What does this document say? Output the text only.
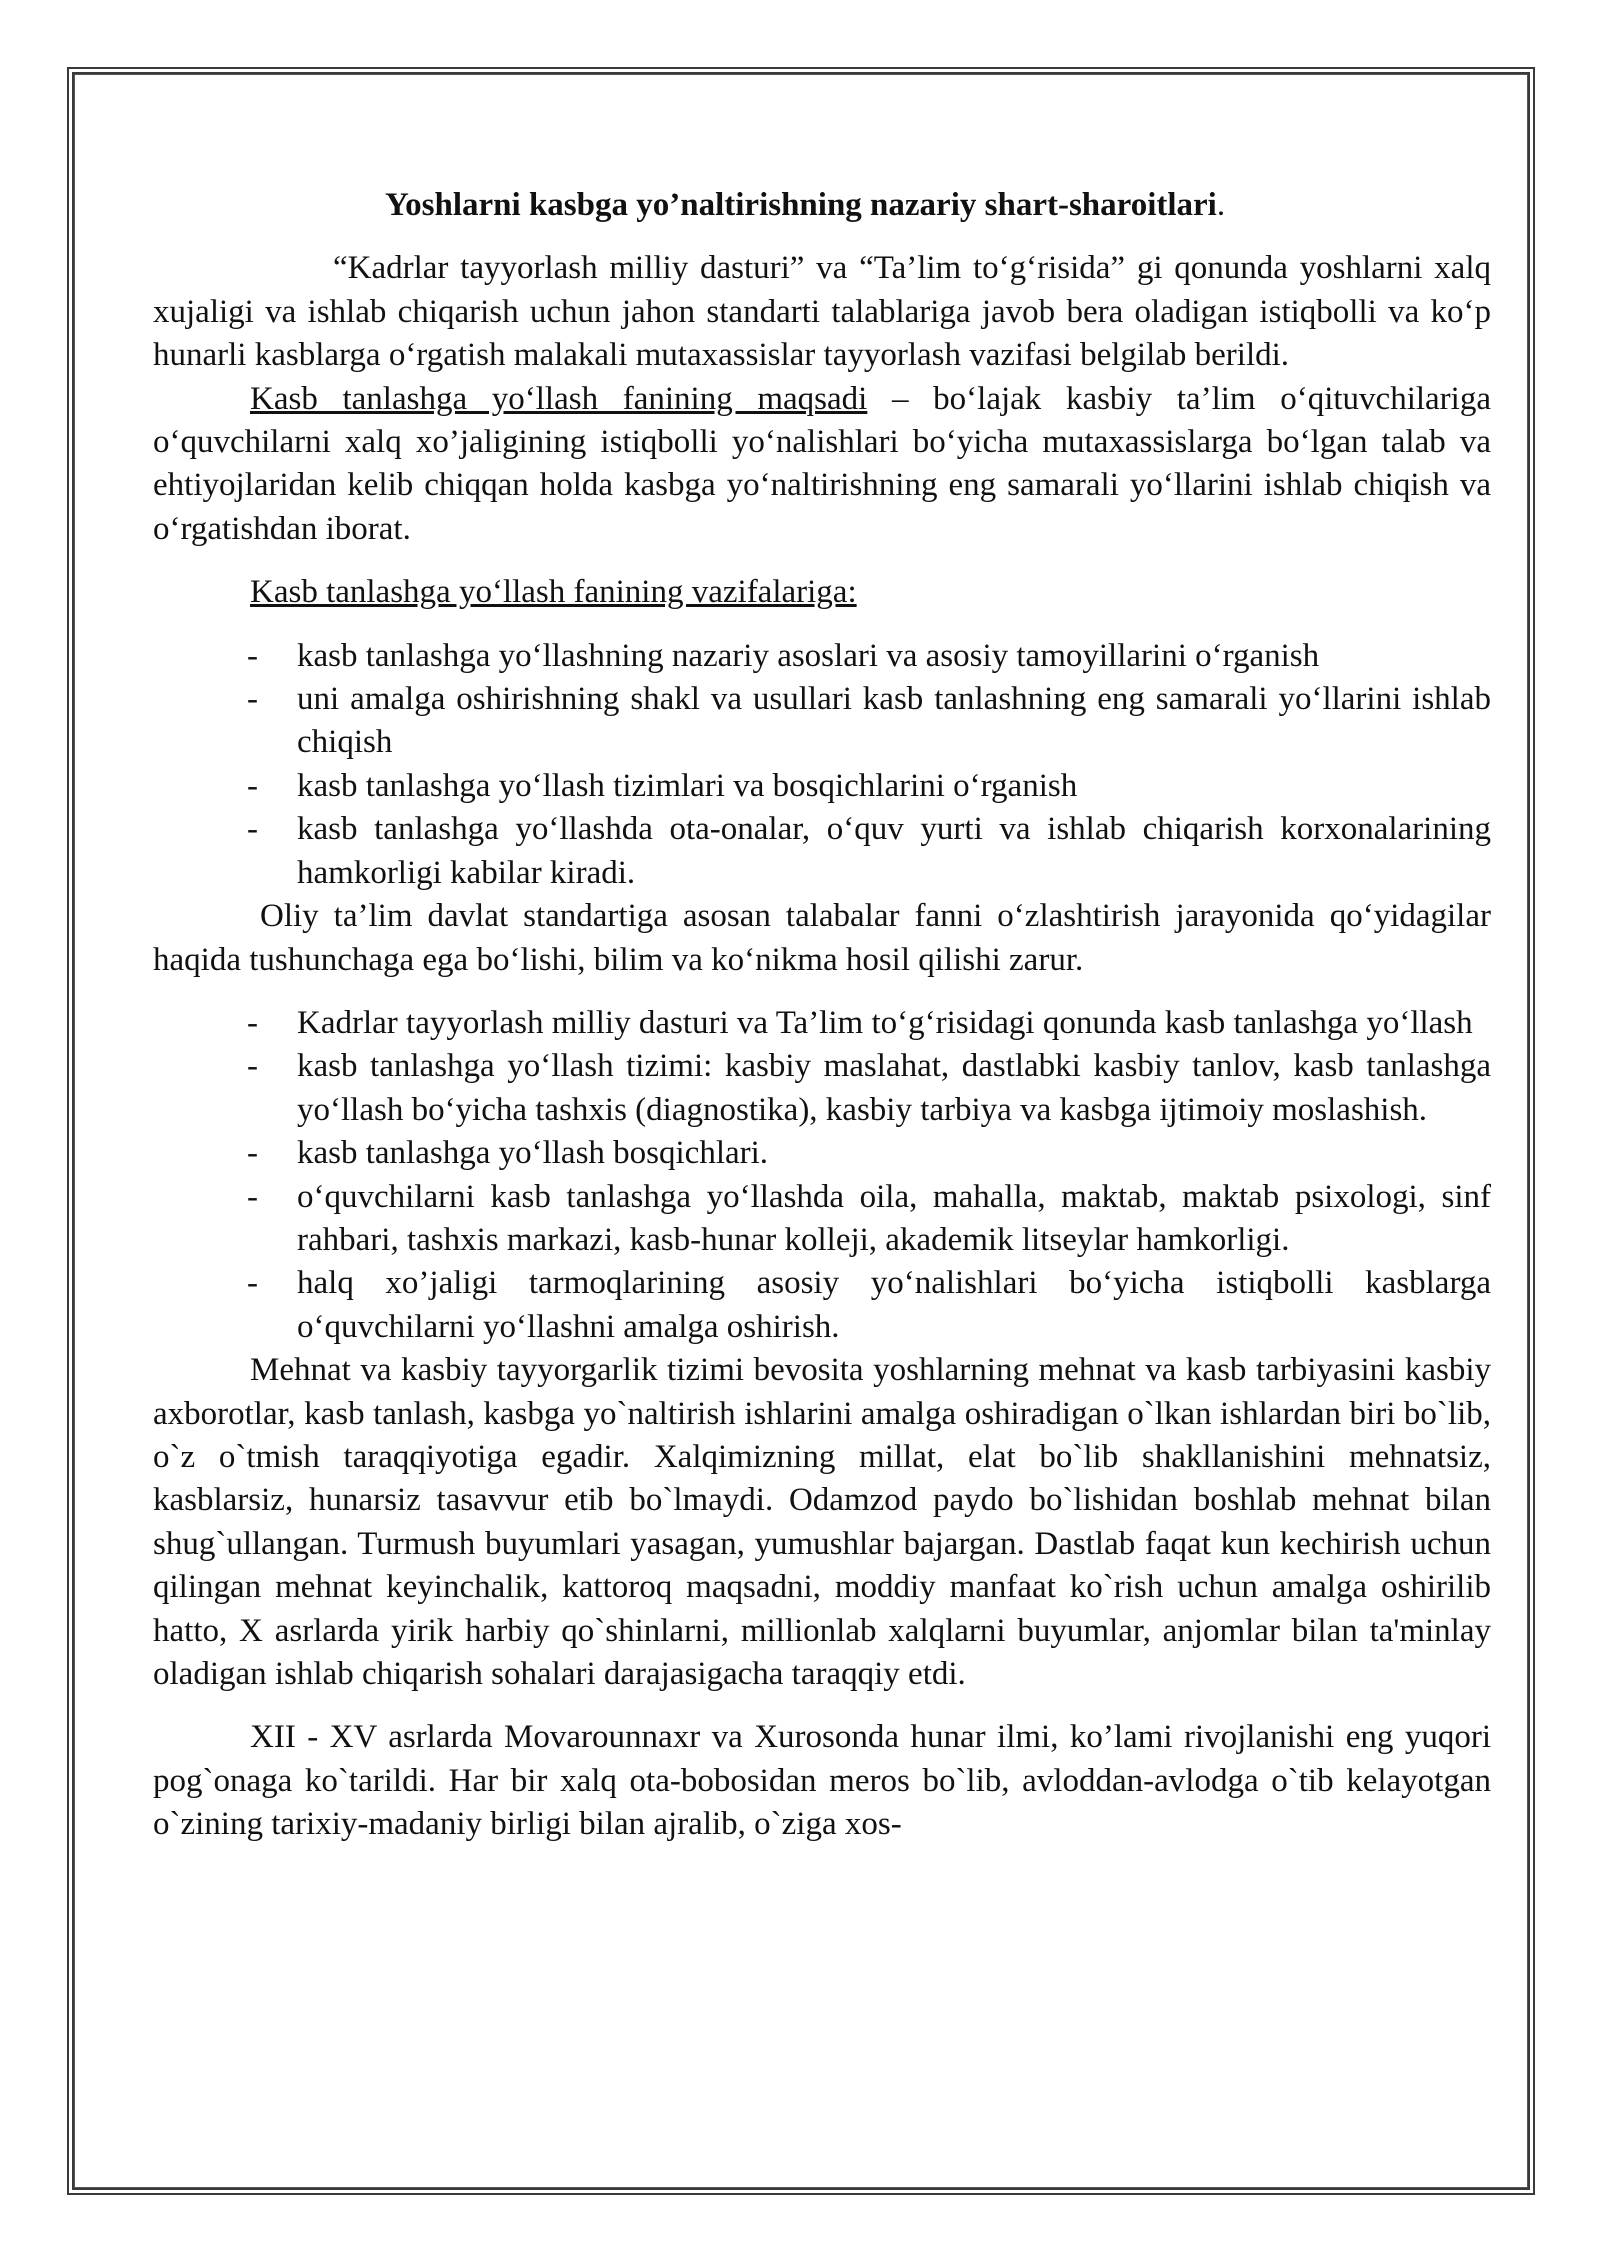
Yoshlarni kasbga yo’naltirishning nazariy shart-sharoitlari.

“Kadrlar tayyorlash milliy dasturi” va “Ta’lim to‘g‘risida” gi qonunda yoshlarni xalq xujaligi va ishlab chiqarish uchun jahon standarti talablariga javob bera oladigan istiqbolli va ko‘p hunarli kasblarga o‘rgatish malakali mutaxassislar tayyorlash vazifasi belgilab berildi.

Kasb tanlashga yo‘llash fanining maqsadi – bo‘lajak kasbiy ta’lim o‘qituvchilariga o‘quvchilarni xalq xo’jaligining istiqbolli yo‘nalishlari bo‘yicha mutaxassislarga bo‘lgan talab va ehtiyojlaridan kelib chiqqan holda kasbga yo‘naltirishning eng samarali yo‘llarini ishlab chiqish va o‘rgatishdan iborat.

Kasb tanlashga yo‘llash fanining vazifalariga:

- kasb tanlashga yo‘llashning nazariy asoslari va asosiy tamoyillarini o‘rganish
- uni amalga oshirishning shakl va usullari kasb tanlashning eng samarali yo‘llarini ishlab chiqish
- kasb tanlashga yo‘llash tizimlari va bosqichlarini o‘rganish
- kasb tanlashga yo‘llashda ota-onalar, o‘quv yurti va ishlab chiqarish korxonalarining hamkorligi kabilar kiradi.

Oliy ta’lim davlat standartiga asosan talabalar fanni o‘zlashtirish jarayonida qo‘yidagilar haqida tushunchaga ega bo‘lishi, bilim va ko‘nikma hosil qilishi zarur.

- Kadrlar tayyorlash milliy dasturi va Ta’lim to‘g‘risidagi qonunda kasb tanlashga yo‘llash
- kasb tanlashga yo‘llash tizimi: kasbiy maslahat, dastlabki kasbiy tanlov, kasb tanlashga yo‘llash bo‘yicha tashxis (diagnostika), kasbiy tarbiya va kasbga ijtimoiy moslashish.
- kasb tanlashga yo‘llash bosqichlari.
- o‘quvchilarni kasb tanlashga yo‘llashda oila, mahalla, maktab, maktab psixologi, sinf rahbari, tashxis markazi, kasb-hunar kolleji, akademik litseylar hamkorligi.
- halq xo’jaligi tarmoqlarining asosiy yo‘nalishlari bo‘yicha istiqbolli kasblarga o‘quvchilarni yo‘llashni amalga oshirish.

Mehnat va kasbiy tayyorgarlik tizimi bevosita yoshlarning mehnat va kasb tarbiyasini kasbiy axborotlar, kasb tanlash, kasbga yo`naltirish ishlarini amalga oshiradigan o`lkan ishlardan biri bo`lib, o`z o`tmish taraqqiyotiga egadir. Xalqimizning millat, elat bo`lib shakllanishini mehnatsiz, kasblarsiz, hunarsiz tasavvur etib bo`lmaydi. Odamzod paydo bo`lishidan boshlab mehnat bilan shug`ullangan. Turmush buyumlari yasagan, yumushlar bajargan. Dastlab faqat kun kechirish uchun qilingan mehnat keyinchalik, kattoroq maqsadni, moddiy manfaat ko`rish uchun amalga oshirilib hatto, X asrlarda yirik harbiy qo`shinlarni, millionlab xalqlarni buyumlar, anjomlar bilan ta'minlay oladigan ishlab chiqarish sohalari darajasigacha taraqqiy etdi.

XII - XV asrlarda Movarounnaxr va Xurosonda hunar ilmi, ko’lami rivojlanishi eng yuqori pog`onaga ko`tarildi. Har bir xalq ota-bobosidan meros bo`lib, avloddan-avlodga o`tib kelayotgan o`zining tarixiy-madaniy birligi bilan ajralib, o`ziga xos-
